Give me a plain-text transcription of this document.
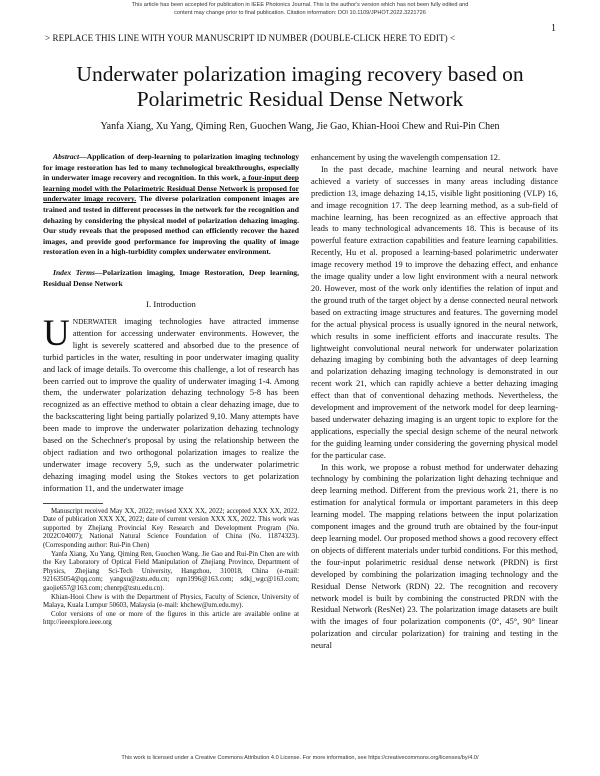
This article has been accepted for publication in IEEE Photonics Journal. This is the author's version which has not been fully edited and
content may change prior to final publication. Citation information: DOI 10.1109/JPHOT.2022.3221726
1
> REPLACE THIS LINE WITH YOUR MANUSCRIPT ID NUMBER (DOUBLE-CLICK HERE TO EDIT) <
Underwater polarization imaging recovery based on
Polarimetric Residual Dense Network
Yanfa Xiang, Xu Yang, Qiming Ren, Guochen Wang, Jie Gao, Khian-Hooi Chew and Rui-Pin Chen

Abstract—Application of deep-learning to polarization imaging technology for image restoration has led to many technological breakthroughs, especially in underwater image recovery and recognition. In this work, a four-input deep learning model with the Polarimetric Residual Dense Network is proposed for underwater image recovery. The diverse polarization component images are trained and tested in different processes in the network for the recognition and dehazing by considering the physical model of polarization dehazing imaging. Our study reveals that the proposed method can efficiently recover the hazed images, and provide good performance for improving the quality of image restoration even in a high-turbidity complex underwater environment.

Index Terms—Polarization imaging, Image Restoration, Deep learning, Residual Dense Network

I. Introduction

UNDERWATER imaging technologies have attracted immense attention for accessing underwater environments. However, the light is severely scattered and absorbed due to the presence of turbid particles in the water, resulting in poor underwater imaging quality and lack of image details. To overcome this challenge, a lot of research has been carried out to improve the quality of underwater imaging 1-4. Among them, the underwater polarization dehazing technology 5-8 has been recognized as an effective method to obtain a clear dehazing image, due to the backscattering light being partially polarized 9,10. Many attempts have been made to improve the underwater polarization dehazing technology based on the Schechner's proposal by using the relationship between the object radiation and two orthogonal polarization images to realize the underwater image recovery 5,9, such as the underwater polarimetric dehazing imaging model using the Stokes vectors to get polarization information 11, and the underwater image

Manuscript received May XX, 2022; revised XXX XX, 2022; accepted XXX XX, 2022. Date of publication XXX XX, 2022; date of current version XXX XX, 2022. This work was supported by Zhejiang Provincial Key Research and Development Program (No. 2022C04007); National Natural Science Foundation of China (No. 11874323). (Corresponding author: Rui-Pin Chen)

Yanfa Xiang, Xu Yang, Qiming Ren, Guochen Wang, Jie Gao and Rui-Pin Chen are with the Key Laboratory of Optical Field Manipulation of Zhejiang Province, Department of Physics, Zhejiang Sci-Tech University, Hangzhou, 310018, China (e-mail: 921635054@qq.com; yangxu@zstu.edu.cn; rqm1996@163.com; sdkj_wgc@163.com; gaojie657@163.com; chenrp@zstu.edu.cn).

Khian-Hooi Chew is with the Department of Physics, Faculty of Science, University of Malaya, Kuala Lumpur 50603, Malaysia (e-mail: khchew@um.edu.my).

Color versions of one or more of the figures in this article are available online at http://ieeexplore.ieee.org

enhancement by using the wavelength compensation 12.

In the past decade, machine learning and neural network have achieved a variety of successes in many areas including distance prediction 13, image dehazing 14,15, visible light positioning (VLP) 16, and image recognition 17. The deep learning method, as a sub-field of machine learning, has been recognized as an effective approach that leads to many technological advancements 18. This is because of its powerful feature extraction capabilities and feature learning capabilities. Recently, Hu et al. proposed a learning-based polarimetric underwater image recovery method 19 to improve the dehazing effect, and enhance the image quality under a low light environment with a neural network 20. However, most of the work only identifies the relation of input and the ground truth of the target object by a dense connected neural network based on extracting image structures and features. The governing model for the actual physical process is usually ignored in the neural network, which results in some inefficient efforts and inaccurate results. The lightweight convolutional neural network for underwater polarization dehazing imaging by combining both the advantages of deep learning and polarization dehazing imaging technology is demonstrated in our recent work 21, which can rapidly achieve a better dehazing imaging effect than that of conventional dehazing methods. Nevertheless, the development and improvement of the network model for deep learning-based underwater dehazing imaging is an urgent topic to explore for the applications, especially the special design scheme of the neural network for the guiding learning under considering the governing physical model for the particular case.

In this work, we propose a robust method for underwater dehazing technology by combining the polarization light dehazing technique and deep learning method. Different from the previous work 21, there is no estimation for analytical formula or important parameters in this deep learning model. The mapping relations between the input polarization component images and the ground truth are obtained by the four-input deep learning model. Our proposed method shows a good recovery effect on objects of different materials under turbid conditions. For this method, the four-input polarimetric residual dense network (PRDN) is first developed by combining the polarization imaging technology and the Residual Dense Network (RDN) 22. The recognition and recovery network model is built by combining the constructed PRDN with the Residual Network (ResNet) 23. The polarization image datasets are built with the images of four polarization components (0°, 45°, 90° linear polarization and circular polarization) for training and testing in the neural

This work is licensed under a Creative Commons Attribution 4.0 License. For more information, see https://creativecommons.org/licenses/by/4.0/
